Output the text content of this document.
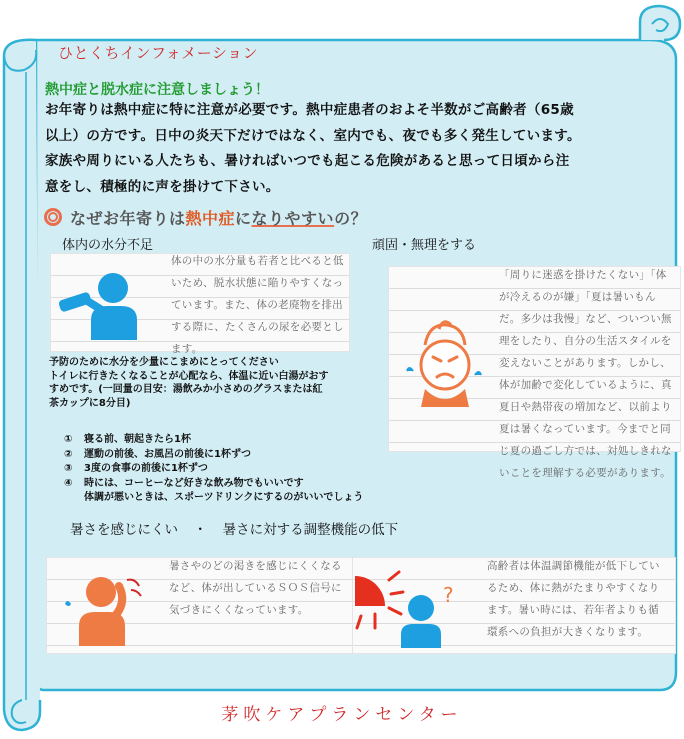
ひとくちインフォメーション
熱中症と脱水症に注意しましょう！

お年寄りは熱中症に特に注意が必要です。熱中症患者のおよそ半数がご高齢者（65歳

以上）の方です。日中の炎天下だけではなく、室内でも、夜でも多く発生しています。

家族や周りにいる人たちも、暑ければいつでも起こる危険があると思って日頃から注

意をし、積極的に声を掛けて下さい。

なぜお年寄りは 熱中症 に なりやすい の？
体内の水分不足
体の中の水分量も若者と比べると低
いため、脱水状態に陥りやすくなっ
ています。また、体の老廃物を排出
する際に、たくさんの尿を必要とし
ます。

予防のために水分を少量にこまめにとってください

トイレに行きたくなることが心配なら、体温に近い白湯がおす

すめです。(一回量の目安：湯飲みか小さめのグラスまたは紅

茶カップに8分目)

① 寝る前、朝起きたら1杯
② 運動の前後、お風呂の前後に1杯ずつ
③ 3度の食事の前後に1杯ずつ
④ 時には、コーヒーなど好きな飲み物でもいいです
体調が悪いときは、スポーツドリンクにするのがいいでしょう
頑固・無理をする
「周りに迷惑を掛けたくない」「体
が冷えるのが嫌」「夏は暑いもん
だ。多少は我慢」など、ついつい無
理をしたり、自分の生活スタイルを
変えないことがあります。しかし、
体が加齢で変化しているように、真
夏日や熱帯夜の増加など、以前より
夏は暑くなっています。今までと同
じ夏の過ごし方では、対処しきれな
いことを理解する必要があります。
暑さを感じにくい ・ 暑さに対する調整機能の低下
暑さやのどの渇きを感じにくくなる
など、体が出しているＳＯＳ信号に
気づきにくくなっています。
?
高齢者は体温調節機能が低下してい
るため、体に熱がたまりやすくなり
ます。暑い時には、若年者よりも循
環系への負担が大きくなります。
茅吹ケアプランセンター
